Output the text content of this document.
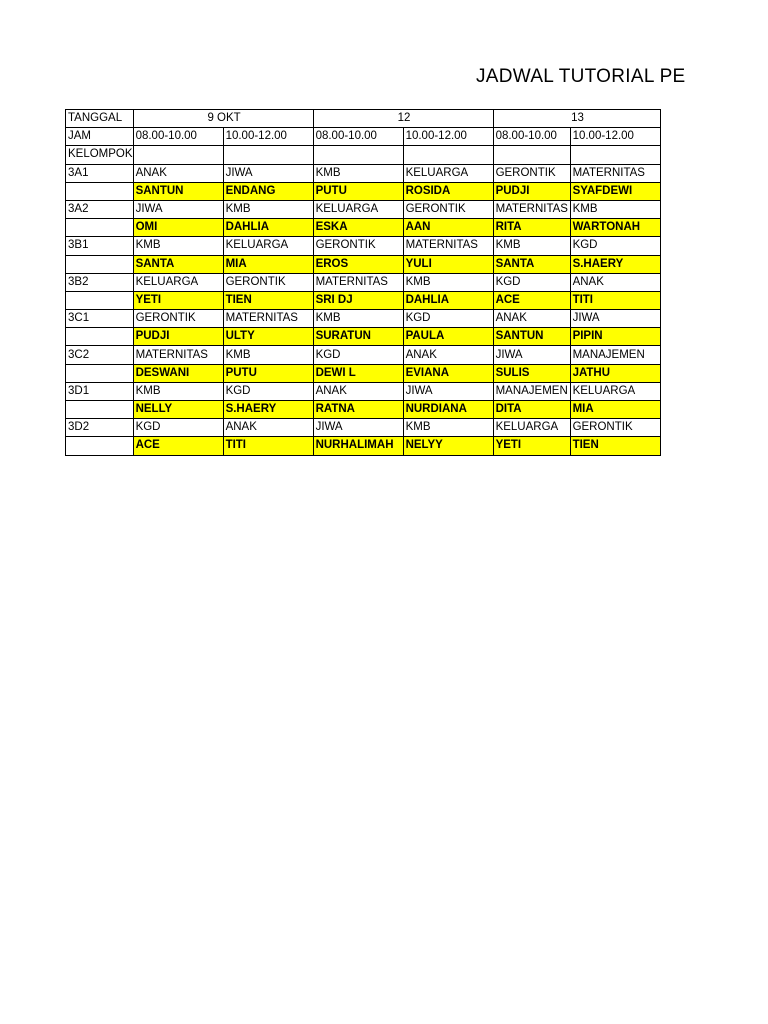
JADWAL TUTORIAL PE
TANGGAL	9 OKT		12		13	
JAM	08.00-10.00	10.00-12.00	08.00-10.00	10.00-12.00	08.00-10.00	10.00-12.00
KELOMPOK						
3A1	ANAK	JIWA	KMB	KELUARGA	GERONTIK	MATERNITAS
	SANTUN	ENDANG	PUTU	ROSIDA	PUDJI	SYAFDEWI
3A2	JIWA	KMB	KELUARGA	GERONTIK	MATERNITAS	KMB
	OMI	DAHLIA	ESKA	AAN	RITA	WARTONAH
3B1	KMB	KELUARGA	GERONTIK	MATERNITAS	KMB	KGD
	SANTA	MIA	EROS	YULI	SANTA	S.HAERY
3B2	KELUARGA	GERONTIK	MATERNITAS	KMB	KGD	ANAK
	YETI	TIEN	SRI DJ	DAHLIA	ACE	TITI
3C1	GERONTIK	MATERNITAS	KMB	KGD	ANAK	JIWA
	PUDJI	ULTY	SURATUN	PAULA	SANTUN	PIPIN
3C2	MATERNITAS	KMB	KGD	ANAK	JIWA	MANAJEMEN
	DESWANI	PUTU	DEWI L	EVIANA	SULIS	JATHU
3D1	KMB	KGD	ANAK	JIWA	MANAJEMEN	KELUARGA
	NELLY	S.HAERY	RATNA	NURDIANA	DITA	MIA
3D2	KGD	ANAK	JIWA	KMB	KELUARGA	GERONTIK
	ACE	TITI	NURHALIMAH	NELYY	YETI	TIEN
